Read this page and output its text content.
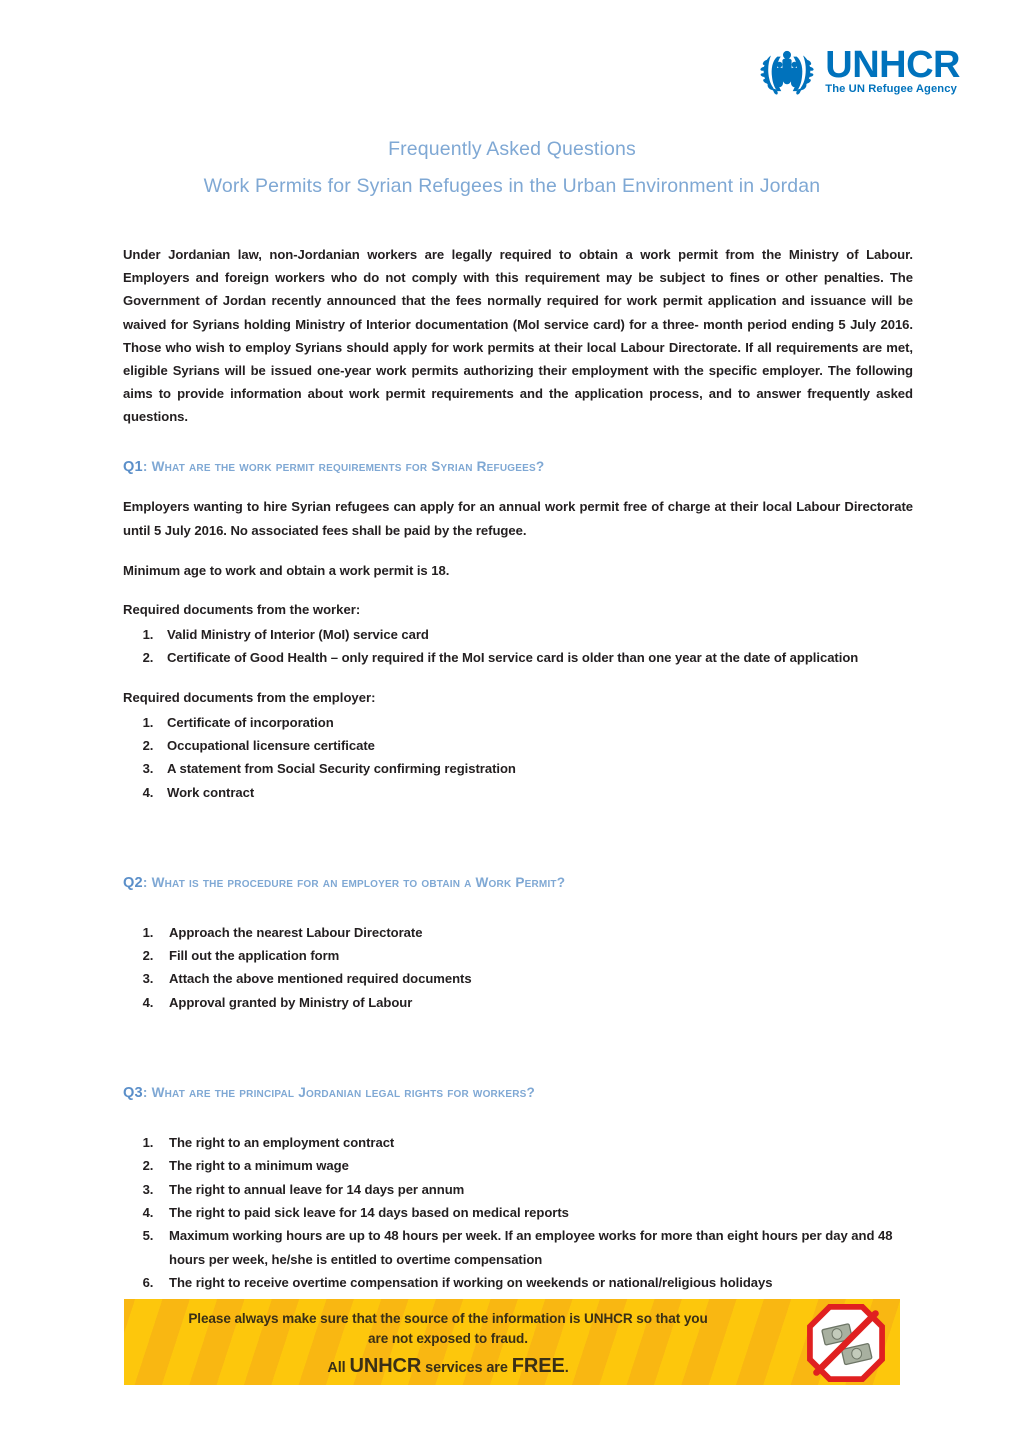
UNHCR
The UN Refugee Agency
Frequently Asked Questions
Work Permits for Syrian Refugees in the Urban Environment in Jordan

Under Jordanian law, non-Jordanian workers are legally required to obtain a work permit from the Ministry of Labour. Employers and foreign workers who do not comply with this requirement may be subject to fines or other penalties. The Government of Jordan recently announced that the fees normally required for work permit application and issuance will be waived for Syrians holding Ministry of Interior documentation (MoI service card) for a three- month period ending 5 July 2016. Those who wish to employ Syrians should apply for work permits at their local Labour Directorate. If all requirements are met, eligible Syrians will be issued one-year work permits authorizing their employment with the specific employer. The following aims to provide information about work permit requirements and the application process, and to answer frequently asked questions.

Q1: What are the work permit requirements for Syrian Refugees?

Employers wanting to hire Syrian refugees can apply for an annual work permit free of charge at their local Labour Directorate until 5 July 2016. No associated fees shall be paid by the refugee.

Minimum age to work and obtain a work permit is 18.

Required documents from the worker:

1. Valid Ministry of Interior (MoI) service card
2. Certificate of Good Health – only required if the MoI service card is older than one year at the date of application

Required documents from the employer:

1. Certificate of incorporation
2. Occupational licensure certificate
3. A statement from Social Security confirming registration
4. Work contract
Q2: What is the procedure for an employer to obtain a Work Permit?
1. Approach the nearest Labour Directorate
2. Fill out the application form
3. Attach the above mentioned required documents
4. Approval granted by Ministry of Labour
Q3: What are the principal Jordanian legal rights for workers?
1. The right to an employment contract
2. The right to a minimum wage
3. The right to annual leave for 14 days per annum
4. The right to paid sick leave for 14 days based on medical reports
5. Maximum working hours are up to 48 hours per week. If an employee works for more than eight hours per day and 48 hours per week, he/she is entitled to overtime compensation
6. The right to receive overtime compensation if working on weekends or national/religious holidays
Please always make sure that the source of the information is UNHCR so that you
are not exposed to fraud.
All UNHCR services are FREE.
